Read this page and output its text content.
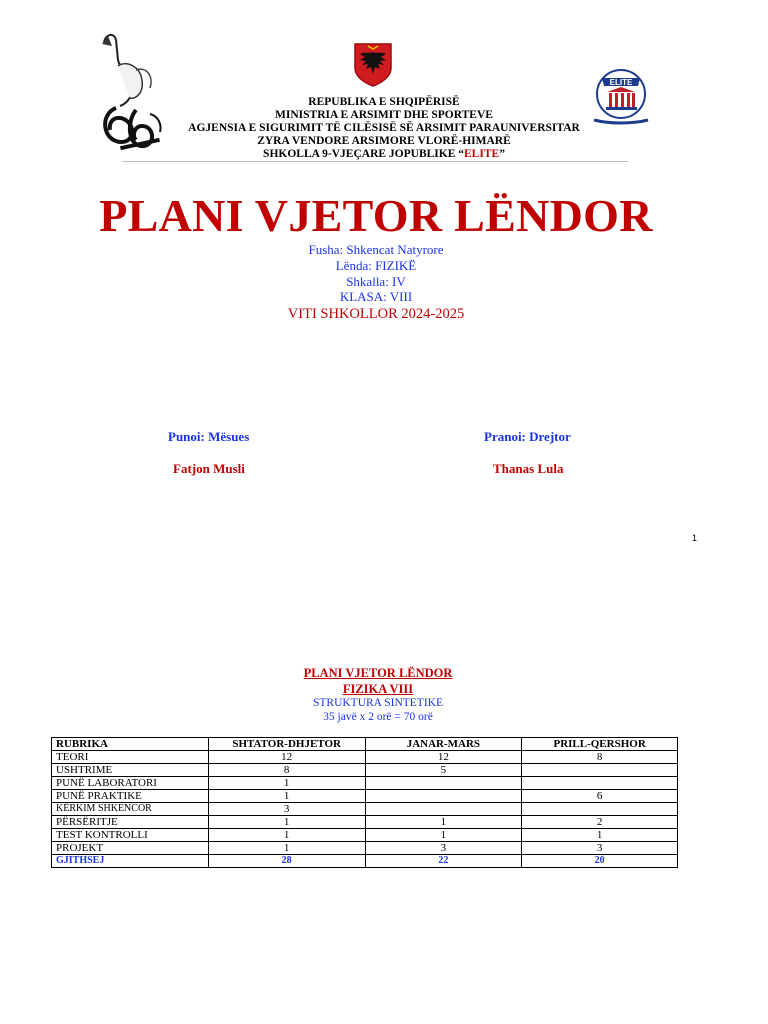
ELITE
REPUBLIKA E SHQIPËRISË
MINISTRIA E ARSIMIT DHE SPORTEVE
AGJENSIA E SIGURIMIT TË CILËSISË SË ARSIMIT PARAUNIVERSITAR
ZYRA VENDORE ARSIMORE VLORË-HIMARË
SHKOLLA 9-VJEÇARE JOPUBLIKE “ELITE”
PLANI VJETOR LËNDOR
Fusha: Shkencat Natyrore
Lënda: FIZIKË
Shkalla: IV
KLASA: VIII
VITI SHKOLLOR 2024-2025
Punoi: Mësues
Fatjon Musli
Pranoi: Drejtor
Thanas Lula
1
PLANI VJETOR LËNDOR
FIZIKA VIII
STRUKTURA SINTETIKE
35 javë x 2 orë = 70 orë
RUBRIKA	SHTATOR-DHJETOR	JANAR-MARS	PRILL-QERSHOR
TEORI	12	12	8
USHTRIME	8	5	
PUNË LABORATORI	1		
PUNË PRAKTIKE	1		6
KËRKIM SHKENCOR	3		
PËRSËRITJE	1	1	2
TEST KONTROLLI	1	1	1
PROJEKT	1	3	3
GJITHSEJ	28	22	20
